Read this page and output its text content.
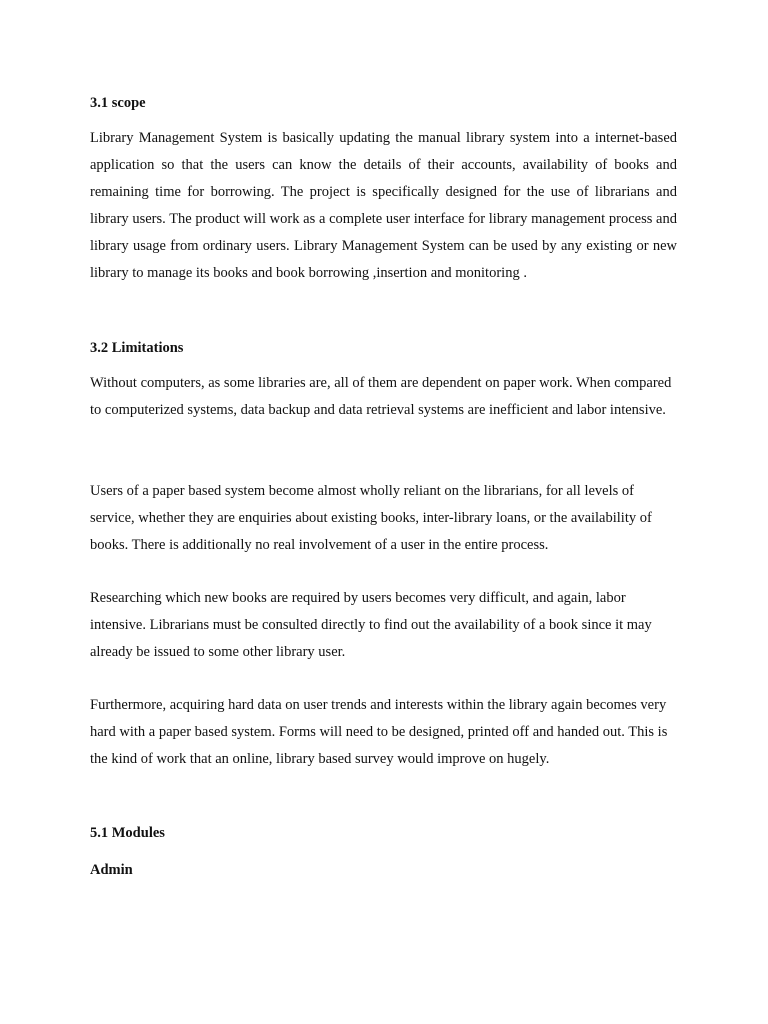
3.1 scope

Library Management System is basically updating the manual library system into a internet-based application so that the users can know the details of their accounts, availability of books and remaining time for borrowing. The project is specifically designed for the use of librarians and library users. The product will work as a complete user interface for library management process and library usage from ordinary users. Library Management System can be used by any existing or new library to manage its books and book borrowing ,insertion and monitoring .

3.2 Limitations

Without computers, as some libraries are, all of them are dependent on paper work. When compared to computerized systems, data backup and data retrieval systems are inefficient and labor intensive.

Users of a paper based system become almost wholly reliant on the librarians, for all levels of service, whether they are enquiries about existing books, inter-library loans, or the availability of books. There is additionally no real involvement of a user in the entire process.

Researching which new books are required by users becomes very difficult, and again, labor intensive. Librarians must be consulted directly to find out the availability of a book since it may already be issued to some other library user.

Furthermore, acquiring hard data on user trends and interests within the library again becomes very hard with a paper based system. Forms will need to be designed, printed off and handed out. This is the kind of work that an online, library based survey would improve on hugely.

5.1 Modules
Admin
